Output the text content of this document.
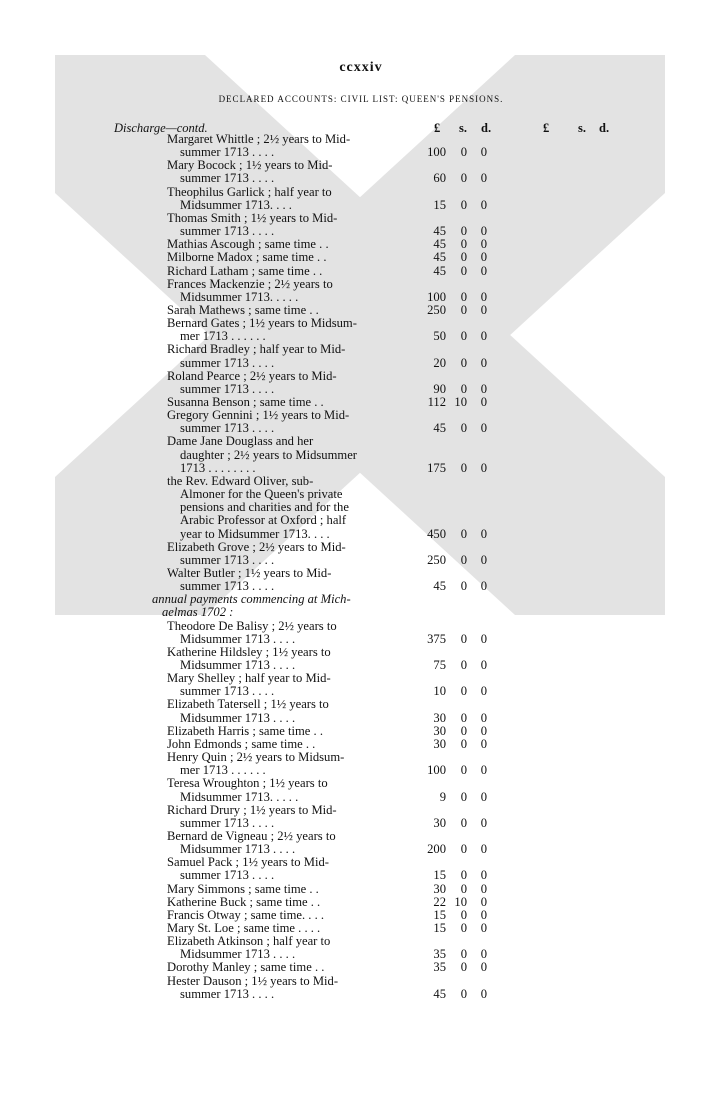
ccxxiv
DECLARED ACCOUNTS: CIVIL LIST: QUEEN'S PENSIONS.
Discharge—contd.	£ s. d.	£ s. d.
Margaret Whittle ; 2½ years to Mid-
summer 1713 . . . .	100 0 0
Mary Bocock ; 1½ years to Mid-
summer 1713 . . . .	60 0 0
Theophilus Garlick ; half year to
Midsummer 1713. . . .	15 0 0
Thomas Smith ; 1½ years to Mid-
summer 1713 . . . .	45 0 0
Mathias Ascough ; same time . .	45 0 0
Milborne Madox ; same time . .	45 0 0
Richard Latham ; same time . .	45 0 0
Frances Mackenzie ; 2½ years to
Midsummer 1713. . . . .	100 0 0
Sarah Mathews ; same time . .	250 0 0
Bernard Gates ; 1½ years to Midsum-
mer 1713 . . . . . .	50 0 0
Richard Bradley ; half year to Mid-
summer 1713 . . . .	20 0 0
Roland Pearce ; 2½ years to Mid-
summer 1713 . . . .	90 0 0
Susanna Benson ; same time . .	112 10 0
Gregory Gennini ; 1½ years to Mid-
summer 1713 . . . .	45 0 0
Dame Jane Douglass and her
daughter ; 2½ years to Midsummer
1713 . . . . . . . .	175 0 0
the Rev. Edward Oliver, sub-
Almoner for the Queen's private
pensions and charities and for the
Arabic Professor at Oxford ; half
year to Midsummer 1713. . . .	450 0 0
Elizabeth Grove ; 2½ years to Mid-
summer 1713 . . . .	250 0 0
Walter Butler ; 1½ years to Mid-
summer 1713 . . . .	45 0 0
annual payments commencing at Mich-
aelmas 1702 :
Theodore De Balisy ; 2½ years to
Midsummer 1713 . . . .	375 0 0
Katherine Hildsley ; 1½ years to
Midsummer 1713 . . . .	75 0 0
Mary Shelley ; half year to Mid-
summer 1713 . . . .	10 0 0
Elizabeth Tatersell ; 1½ years to
Midsummer 1713 . . . .	30 0 0
Elizabeth Harris ; same time . .	30 0 0
John Edmonds ; same time . .	30 0 0
Henry Quin ; 2½ years to Midsum-
mer 1713 . . . . . .	100 0 0
Teresa Wroughton ; 1½ years to
Midsummer 1713. . . . .	9 0 0
Richard Drury ; 1½ years to Mid-
summer 1713 . . . .	30 0 0
Bernard de Vigneau ; 2½ years to
Midsummer 1713 . . . .	200 0 0
Samuel Pack ; 1½ years to Mid-
summer 1713 . . . .	15 0 0
Mary Simmons ; same time . .	30 0 0
Katherine Buck ; same time . .	22 10 0
Francis Otway ; same time. . . .	15 0 0
Mary St. Loe ; same time . . . .	15 0 0
Elizabeth Atkinson ; half year to
Midsummer 1713 . . . .	35 0 0
Dorothy Manley ; same time . .	35 0 0
Hester Dauson ; 1½ years to Mid-
summer 1713 . . . .	45 0 0
